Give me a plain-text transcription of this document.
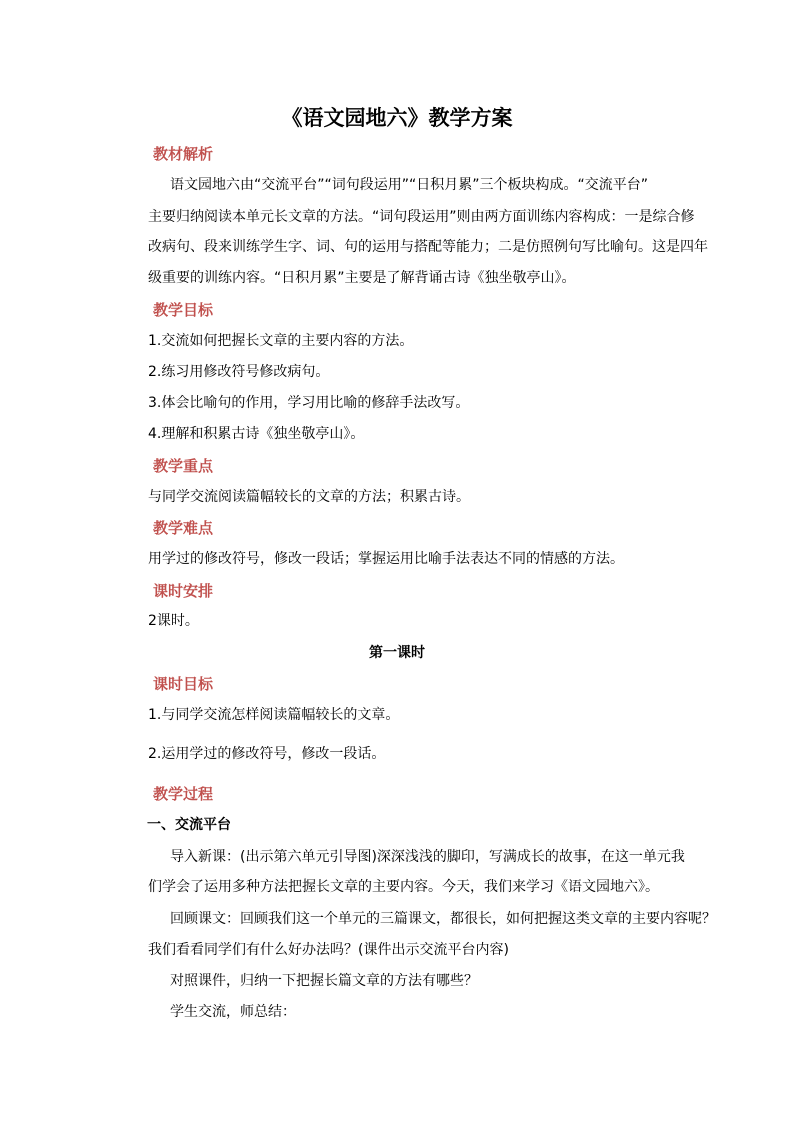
《语文园地六》教学方案
教材解析
语文园地六由“交流平台”“词句段运用”“日积月累”三个板块构成。“交流平台”
主要归纳阅读本单元长文章的方法。“词句段运用”则由两方面训练内容构成：一是综合修
改病句、段来训练学生字、词、句的运用与搭配等能力；二是仿照例句写比喻句。这是四年
级重要的训练内容。“日积月累”主要是了解背诵古诗《独坐敬亭山》。
教学目标
1.交流如何把握长文章的主要内容的方法。
2.练习用修改符号修改病句。
3.体会比喻句的作用，学习用比喻的修辞手法改写。
4.理解和积累古诗《独坐敬亭山》。
教学重点
与同学交流阅读篇幅较长的文章的方法；积累古诗。
教学难点
用学过的修改符号，修改一段话；掌握运用比喻手法表达不同的情感的方法。
课时安排
2课时。
第一课时
课时目标
1.与同学交流怎样阅读篇幅较长的文章。
2.运用学过的修改符号，修改一段话。
教学过程
一、交流平台
导入新课：(出示第六单元引导图)深深浅浅的脚印，写满成长的故事，在这一单元我
们学会了运用多种方法把握长文章的主要内容。今天，我们来学习《语文园地六》。
回顾课文：回顾我们这一个单元的三篇课文，都很长，如何把握这类文章的主要内容呢？
我们看看同学们有什么好办法吗？(课件出示交流平台内容)
对照课件，归纳一下把握长篇文章的方法有哪些？
学生交流，师总结：
